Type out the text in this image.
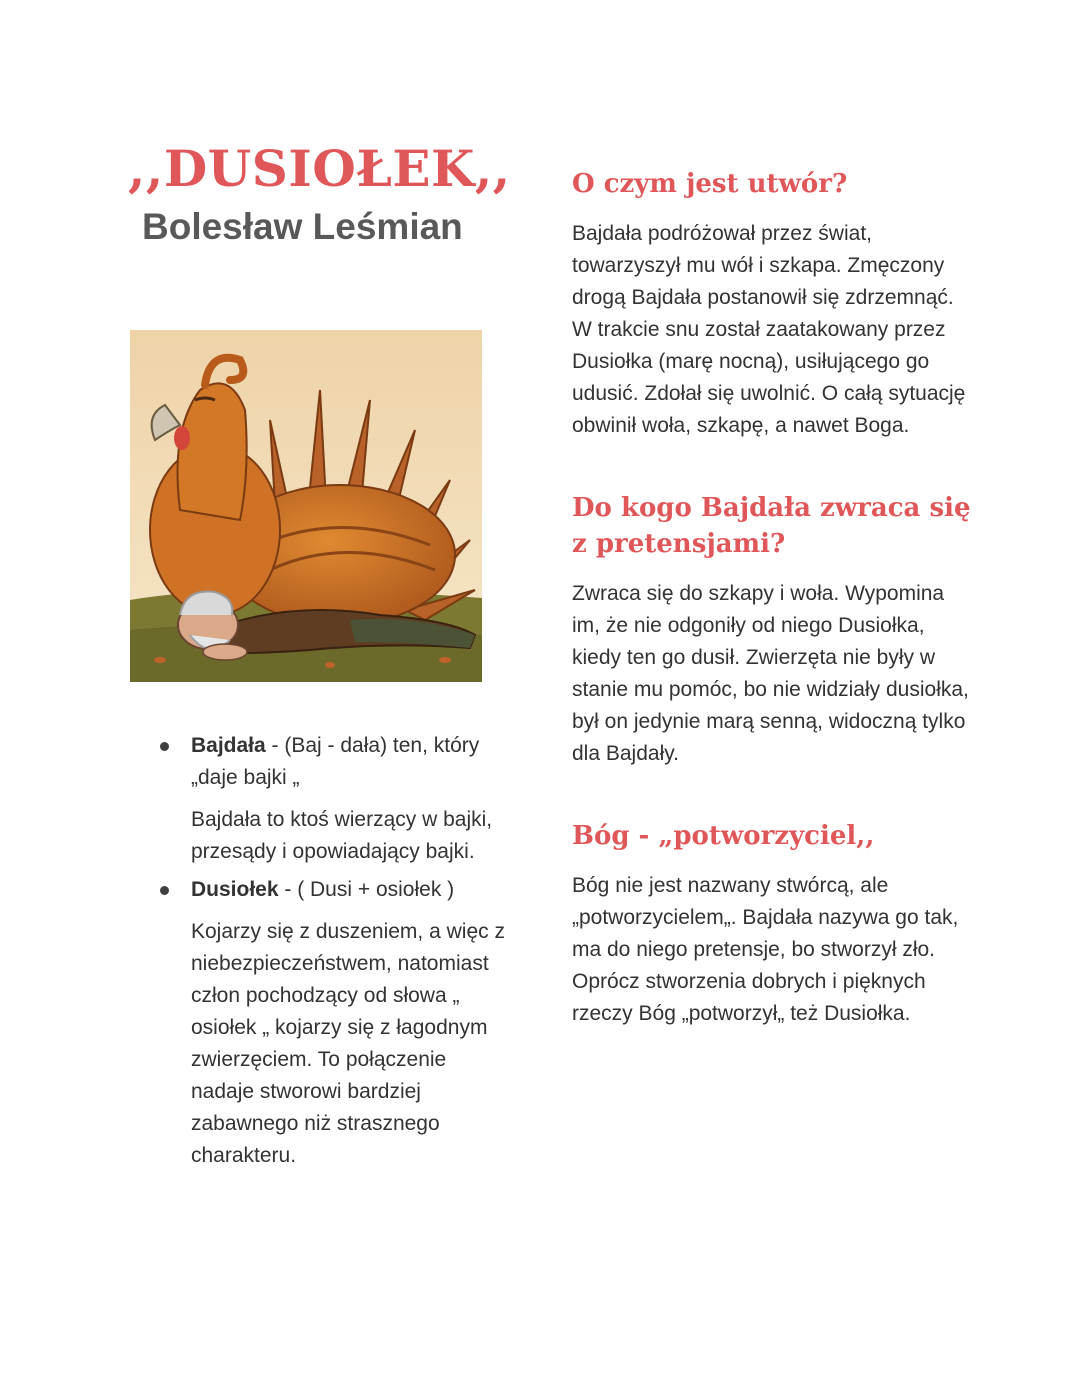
,,DUSIOŁEK,,
Bolesław Leśmian
Bajdała - (Baj - dała) ten, który „daje bajki „

Bajdała to ktoś wierzący w bajki, przesądy i opowiadający bajki.

Dusiołek - ( Dusi + osiołek )

Kojarzy się z duszeniem, a więc z niebezpieczeństwem, natomiast człon pochodzący od słowa „ osiołek „ kojarzy się z łagodnym zwierzęciem. To połączenie nadaje stworowi bardziej zabawnego niż strasznego charakteru.

O czym jest utwór?

Bajdała podróżował przez świat, towarzyszył mu wół i szkapa. Zmęczony drogą Bajdała postanowił się zdrzemnąć. W trakcie snu został zaatakowany przez Dusiołka (marę nocną), usiłującego go udusić. Zdołał się uwolnić. O całą sytuację obwinił woła, szkapę, a nawet Boga.

Do kogo Bajdała zwraca się z pretensjami?

Zwraca się do szkapy i woła. Wypomina im, że nie odgoniły od niego Dusiołka, kiedy ten go dusił. Zwierzęta nie były w stanie mu pomóc, bo nie widziały dusiołka, był on jedynie marą senną, widoczną tylko dla Bajdały.

Bóg - „potworzyciel,,

Bóg nie jest nazwany stwórcą, ale „potworzycielem„. Bajdała nazywa go tak, ma do niego pretensje, bo stworzył zło. Oprócz stworzenia dobrych i pięknych rzeczy Bóg „potworzył„ też Dusiołka.
